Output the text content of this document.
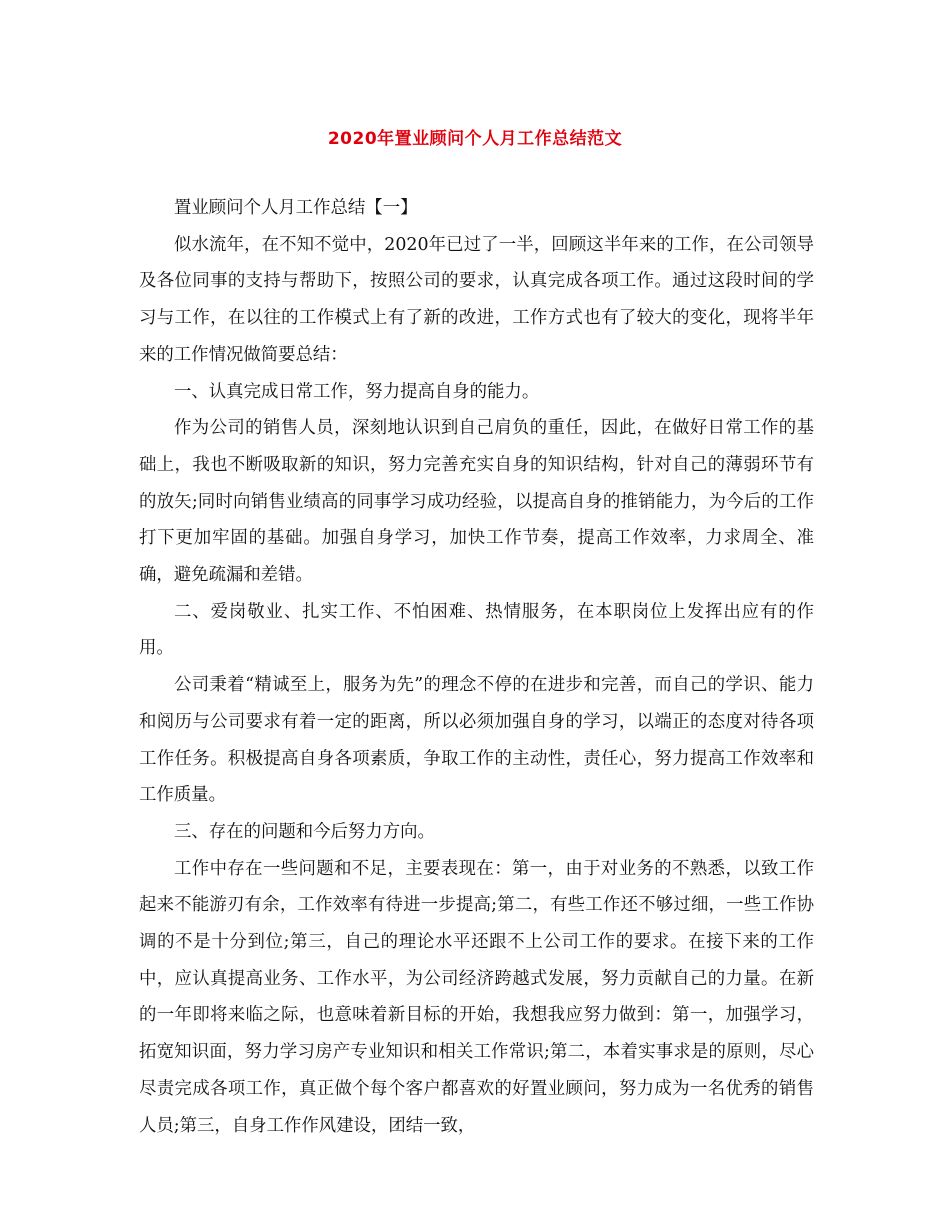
2020年置业顾问个人月工作总结范文

置业顾问个人月工作总结【一】

似水流年，在不知不觉中，2020年已过了一半，回顾这半年来的工作，在公司领导及各位同事的支持与帮助下，按照公司的要求，认真完成各项工作。通过这段时间的学习与工作，在以往的工作模式上有了新的改进，工作方式也有了较大的变化，现将半年来的工作情况做简要总结：

一、认真完成日常工作，努力提高自身的能力。

作为公司的销售人员，深刻地认识到自己肩负的重任，因此，在做好日常工作的基础上，我也不断吸取新的知识，努力完善充实自身的知识结构，针对自己的薄弱环节有的放矢;同时向销售业绩高的同事学习成功经验，以提高自身的推销能力，为今后的工作打下更加牢固的基础。加强自身学习，加快工作节奏，提高工作效率，力求周全、准确，避免疏漏和差错。

二、爱岗敬业、扎实工作、不怕困难、热情服务，在本职岗位上发挥出应有的作用。

公司秉着“精诚至上，服务为先”的理念不停的在进步和完善，而自己的学识、能力和阅历与公司要求有着一定的距离，所以必须加强自身的学习，以端正的态度对待各项工作任务。积极提高自身各项素质，争取工作的主动性，责任心，努力提高工作效率和工作质量。

三、存在的问题和今后努力方向。

工作中存在一些问题和不足，主要表现在：第一，由于对业务的不熟悉，以致工作起来不能游刃有余，工作效率有待进一步提高;第二，有些工作还不够过细，一些工作协调的不是十分到位;第三，自己的理论水平还跟不上公司工作的要求。在接下来的工作中，应认真提高业务、工作水平，为公司经济跨越式发展，努力贡献自己的力量。在新的一年即将来临之际，也意味着新目标的开始，我想我应努力做到：第一，加强学习，拓宽知识面，努力学习房产专业知识和相关工作常识;第二，本着实事求是的原则，尽心尽责完成各项工作，真正做个每个客户都喜欢的好置业顾问，努力成为一名优秀的销售人员;第三，自身工作作风建设，团结一致，
